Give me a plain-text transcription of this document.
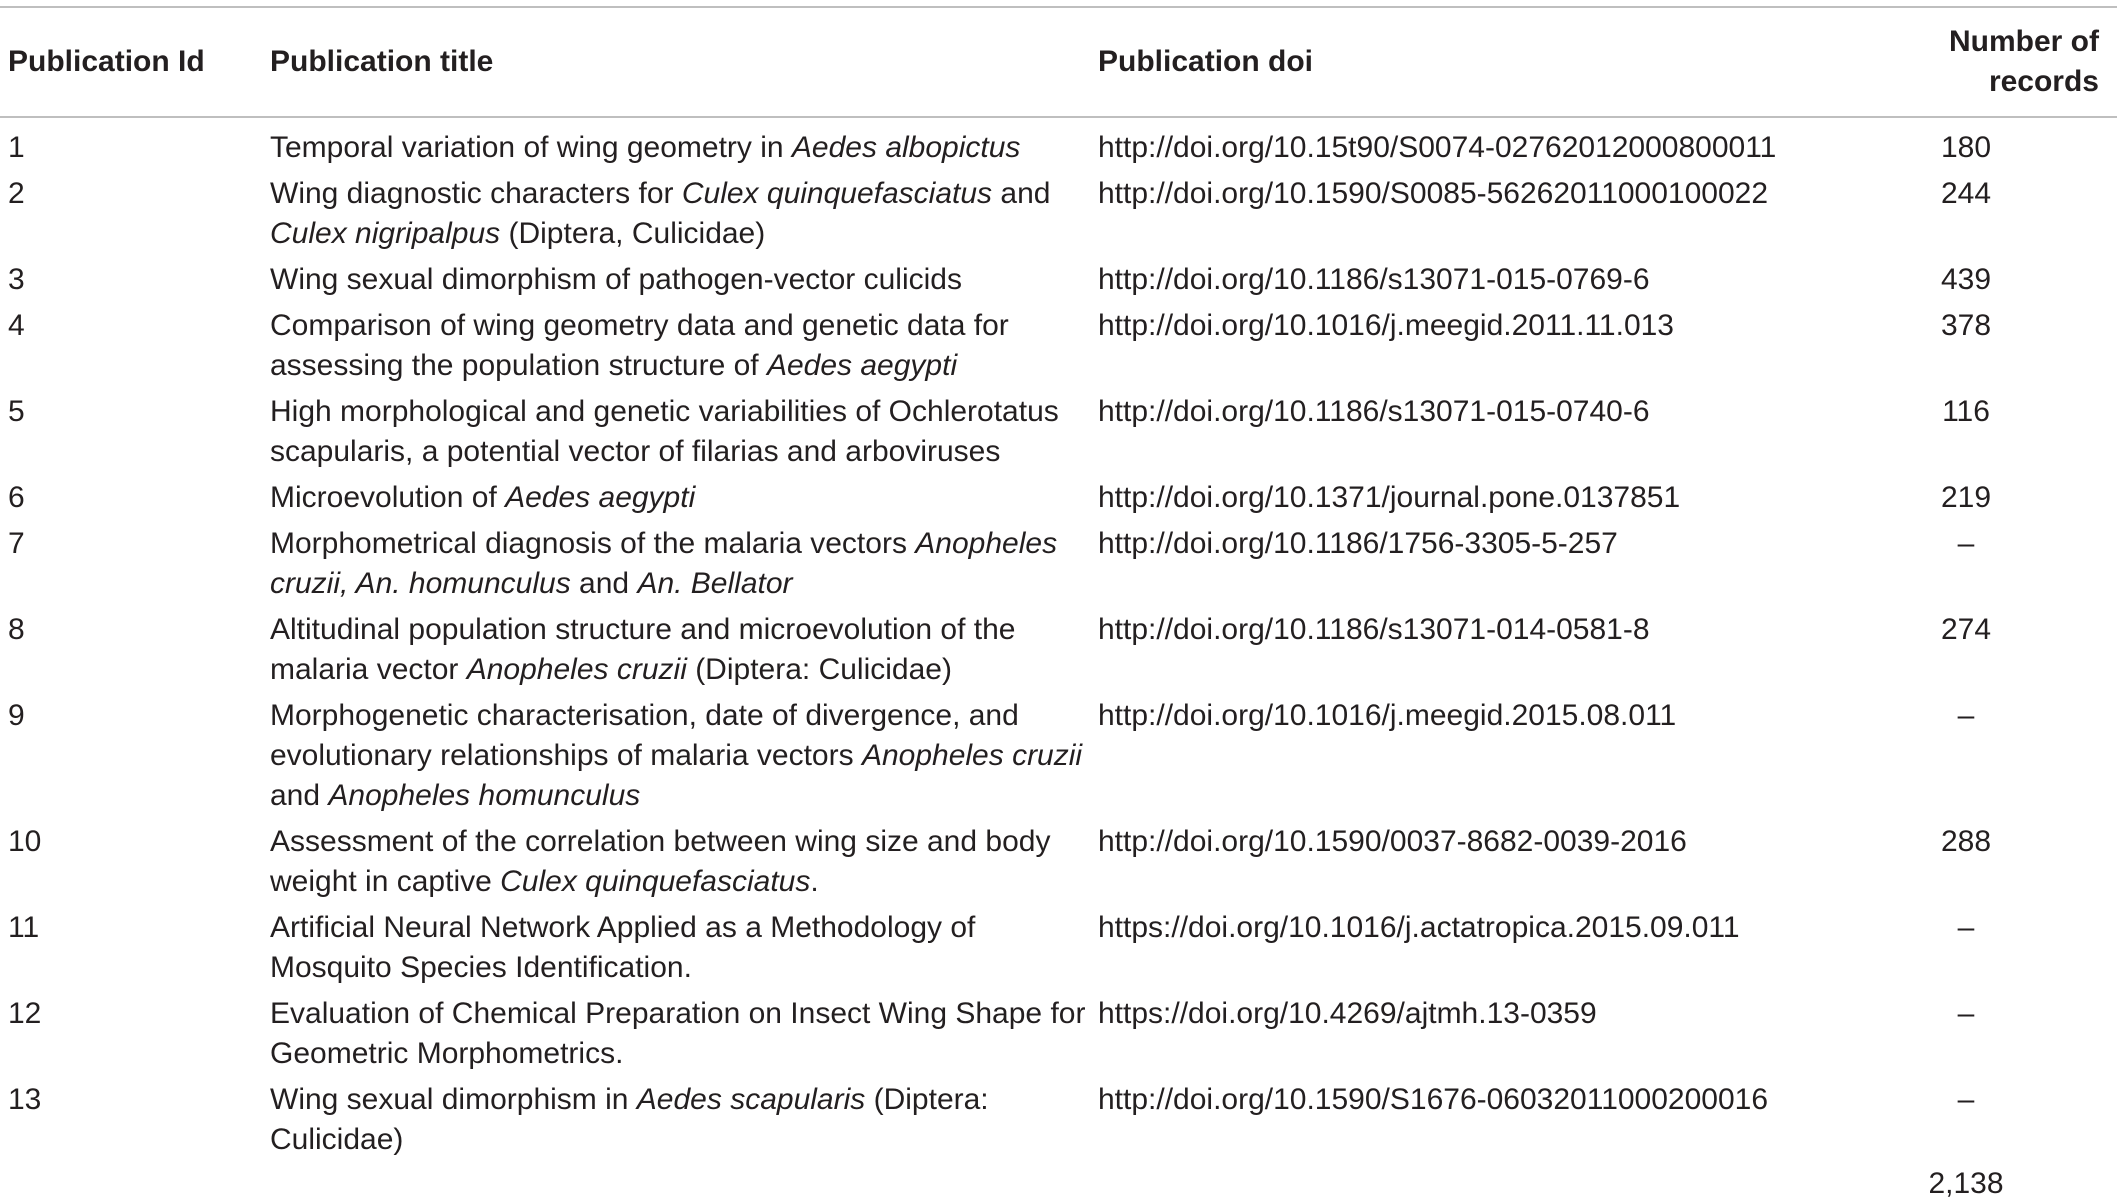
Publication Id	Publication title	Publication doi	Number of records
1	Temporal variation of wing geometry in Aedes albopictus	http://doi.org/10.15t90/S0074-02762012000800011	180
2	Wing diagnostic characters for Culex quinquefasciatus and Culex nigripalpus (Diptera, Culicidae)	http://doi.org/10.1590/S0085-56262011000100022	244
3	Wing sexual dimorphism of pathogen-vector culicids	http://doi.org/10.1186/s13071-015-0769-6	439
4	Comparison of wing geometry data and genetic data for assessing the population structure of Aedes aegypti	http://doi.org/10.1016/j.meegid.2011.11.013	378
5	High morphological and genetic variabilities of Ochlerotatus scapularis, a potential vector of filarias and arboviruses	http://doi.org/10.1186/s13071-015-0740-6	116
6	Microevolution of Aedes aegypti	http://doi.org/10.1371/journal.pone.0137851	219
7	Morphometrical diagnosis of the malaria vectors Anopheles cruzii, An. homunculus and An. Bellator	http://doi.org/10.1186/1756-3305-5-257	–
8	Altitudinal population structure and microevolution of the malaria vector Anopheles cruzii (Diptera: Culicidae)	http://doi.org/10.1186/s13071-014-0581-8	274
9	Morphogenetic characterisation, date of divergence, and evolutionary relationships of malaria vectors Anopheles cruzii and Anopheles homunculus	http://doi.org/10.1016/j.meegid.2015.08.011	–
10	Assessment of the correlation between wing size and body weight in captive Culex quinquefasciatus.	http://doi.org/10.1590/0037-8682-0039-2016	288
11	Artificial Neural Network Applied as a Methodology of Mosquito Species Identification.	https://doi.org/10.1016/j.actatropica.2015.09.011	–
12	Evaluation of Chemical Preparation on Insect Wing Shape for Geometric Morphometrics.	https://doi.org/10.4269/ajtmh.13-0359	–
13	Wing sexual dimorphism in Aedes scapularis (Diptera: Culicidae)	http://doi.org/10.1590/S1676-06032011000200016	–
			2,138
